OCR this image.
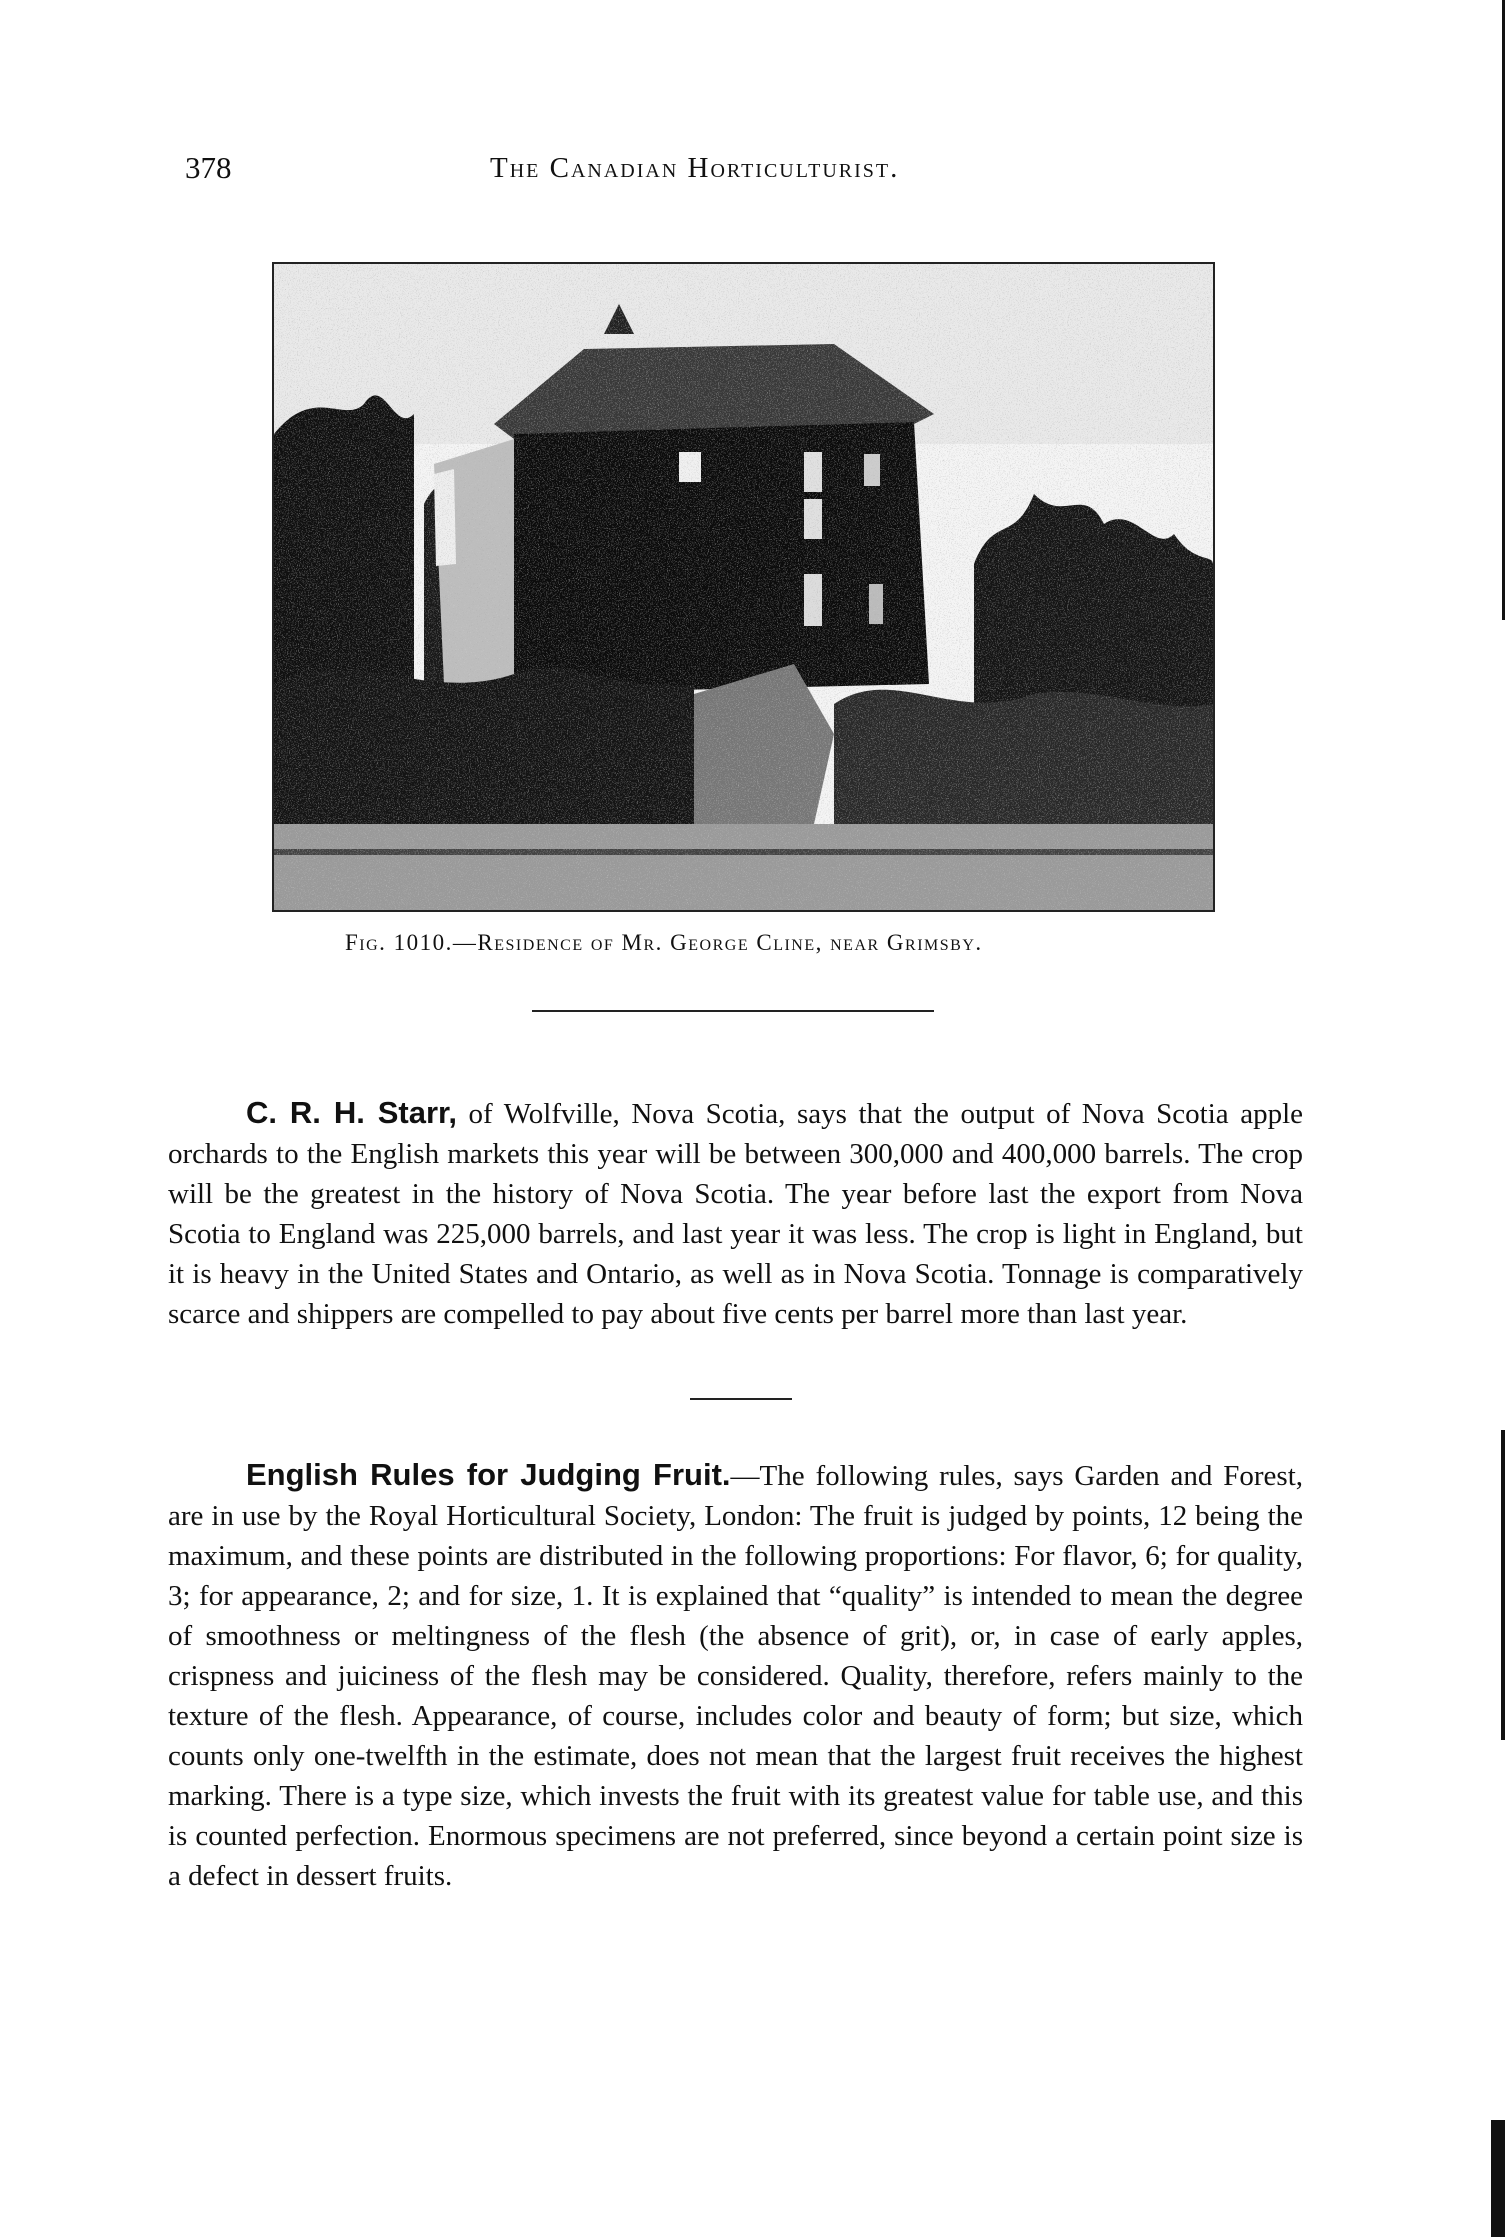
378	The Canadian Horticulturist.
Fig. 1010.—Residence of Mr. George Cline, near Grimsby.

C. R. H. Starr, of Wolfville, Nova Scotia, says that the output of Nova Scotia apple orchards to the English markets this year will be between 300,000 and 400,000 barrels. The crop will be the greatest in the history of Nova Scotia. The year before last the export from Nova Scotia to England was 225,000 barrels, and last year it was less. The crop is light in England, but it is heavy in the United States and Ontario, as well as in Nova Scotia. Tonnage is comparatively scarce and shippers are compelled to pay about five cents per barrel more than last year.

English Rules for Judging Fruit.—The following rules, says Garden and Forest, are in use by the Royal Horticultural Society, London: The fruit is judged by points, 12 being the maximum, and these points are distributed in the following proportions: For flavor, 6; for quality, 3; for appearance, 2; and for size, 1. It is explained that “quality” is intended to mean the degree of smoothness or meltingness of the flesh (the absence of grit), or, in case of early apples, crispness and juiciness of the flesh may be considered. Quality, therefore, refers mainly to the texture of the flesh. Appearance, of course, includes color and beauty of form; but size, which counts only one-twelfth in the estimate, does not mean that the largest fruit receives the highest marking. There is a type size, which invests the fruit with its greatest value for table use, and this is counted perfection. Enormous specimens are not preferred, since beyond a certain point size is a defect in dessert fruits.
